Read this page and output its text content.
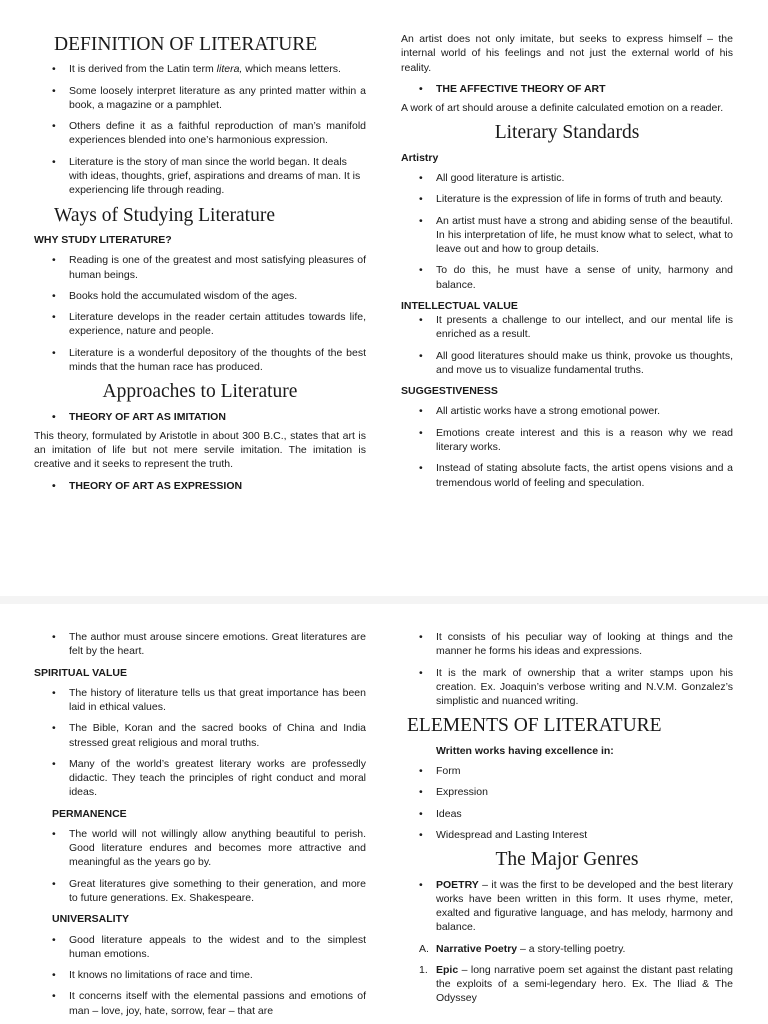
DEFINITION OF LITERATURE
• It is derived from the Latin term litera, which means letters.
• Some loosely interpret literature as any printed matter within a book, a magazine or a pamphlet.
• Others define it as a faithful reproduction of man’s manifold experiences blended into one’s harmonious expression.
• Literature is the story of man since the world began. It deals with ideas, thoughts, grief, aspirations and dreams of man. It is experiencing life through reading.
Ways of Studying Literature
WHY STUDY LITERATURE?
• Reading is one of the greatest and most satisfying pleasures of human beings.
• Books hold the accumulated wisdom of the ages.
• Literature develops in the reader certain attitudes towards life, experience, nature and people.
• Literature is a wonderful depository of the thoughts of the best minds that the human race has produced.
Approaches to Literature
• THEORY OF ART AS IMITATION

This theory, formulated by Aristotle in about 300 B.C., states that art is an imitation of life but not mere servile imitation. The imitation is creative and it seeks to represent the truth.

• THEORY OF ART AS EXPRESSION

An artist does not only imitate, but seeks to express himself – the internal world of his feelings and not just the external world of his reality.

• THE AFFECTIVE THEORY OF ART

A work of art should arouse a definite calculated emotion on a reader.

Literary Standards
Artistry
• All good literature is artistic.
• Literature is the expression of life in forms of truth and beauty.
• An artist must have a strong and abiding sense of the beautiful. In his interpretation of life, he must know what to select, what to leave out and how to group details.
• To do this, he must have a sense of unity, harmony and balance.
INTELLECTUAL VALUE
• It presents a challenge to our intellect, and our mental life is enriched as a result.
• All good literatures should make us think, provoke us thoughts, and move us to visualize fundamental truths.
SUGGESTIVENESS
• All artistic works have a strong emotional power.
• Emotions create interest and this is a reason why we read literary works.
• Instead of stating absolute facts, the artist opens visions and a tremendous world of feeling and speculation.
• The author must arouse sincere emotions. Great literatures are felt by the heart.
SPIRITUAL VALUE
• The history of literature tells us that great importance has been laid in ethical values.
• The Bible, Koran and the sacred books of China and India stressed great religious and moral truths.
• Many of the world’s greatest literary works are professedly didactic. They teach the principles of right conduct and moral ideas.
PERMANENCE
• The world will not willingly allow anything beautiful to perish. Good literature endures and becomes more attractive and meaningful as the years go by.
• Great literatures give something to their generation, and more to future generations. Ex. Shakespeare.
UNIVERSALITY
• Good literature appeals to the widest and to the simplest human emotions.
• It knows no limitations of race and time.
• It concerns itself with the elemental passions and emotions of man – love, joy, hate, sorrow, fear – that are
• It consists of his peculiar way of looking at things and the manner he forms his ideas and expressions.
• It is the mark of ownership that a writer stamps upon his creation. Ex. Joaquin’s verbose writing and N.V.M. Gonzalez’s simplistic and nuanced writing.
ELEMENTS OF LITERATURE
Written works having excellence in:
• Form
• Expression
• Ideas
• Widespread and Lasting Interest
The Major Genres
• POETRY – it was the first to be developed and the best literary works have been written in this form. It uses rhyme, meter, exalted and figurative language, and has melody, harmony and balance.
A. Narrative Poetry – a story-telling poetry.
1. Epic – long narrative poem set against the distant past relating the exploits of a semi-legendary hero. Ex. The Iliad & The Odyssey
